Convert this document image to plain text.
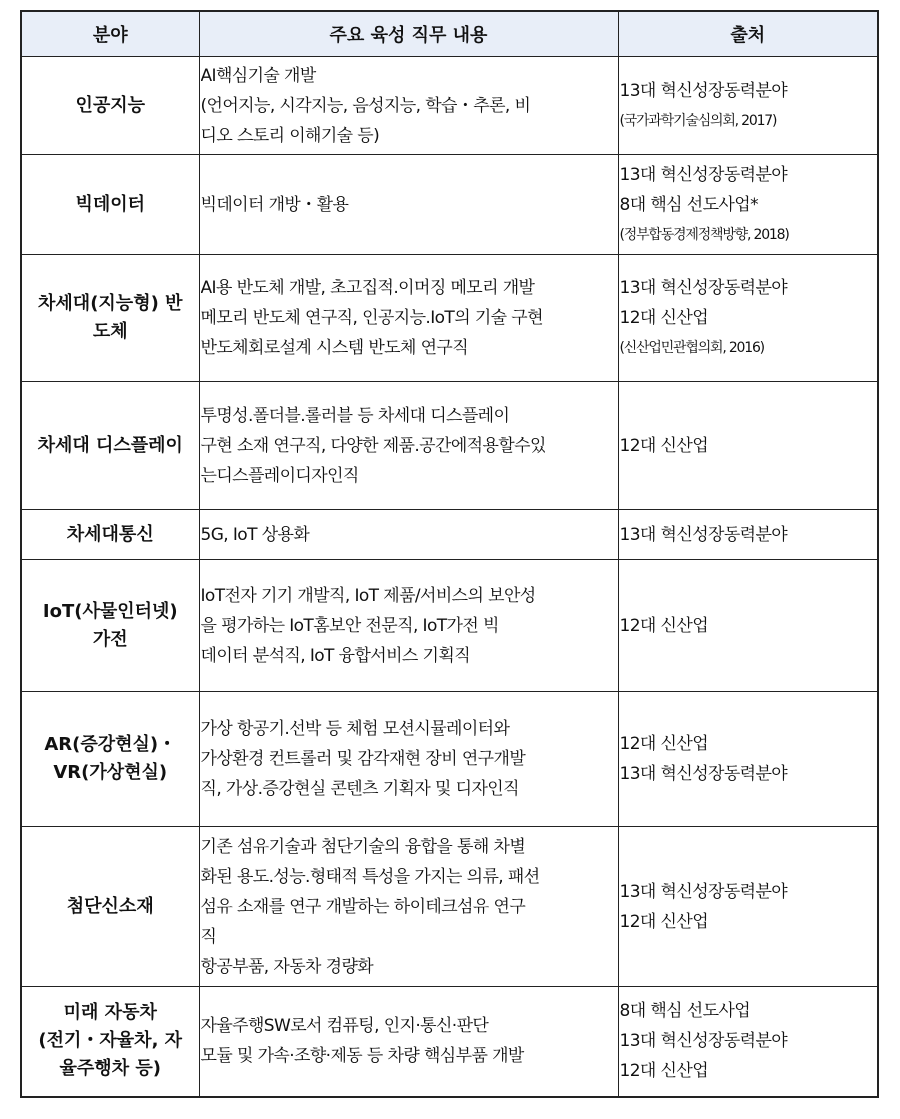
분야	주요 육성 직무 내용	출처

인공지능	AI핵심기술 개발
(언어지능, 시각지능, 음성지능, 학습・추론, 비
디오 스토리 이해기술 등)	13대 혁신성장동력분야
(국가과학기술심의회, 2017)

빅데이터	빅데이터 개방・활용	13대 혁신성장동력분야
8대 핵심 선도사업*
(정부합동경제정책방향, 2018)

차세대(지능형) 반
도체	AI용 반도체 개발, 초고집적.이머징 메모리 개발
메모리 반도체 연구직, 인공지능.IoT의 기술 구현
반도체회로설계 시스템 반도체 연구직	13대 혁신성장동력분야
12대 신산업
(신산업민관협의회, 2016)

차세대 디스플레이	투명성.폴더블.롤러블 등 차세대 디스플레이
구현 소재 연구직, 다양한 제품.공간에적용할수있
는디스플레이디자인직	12대 신산업

차세대통신	5G, IoT 상용화	13대 혁신성장동력분야

IoT(사물인터넷)
가전	IoT전자 기기 개발직, IoT 제품/서비스의 보안성
을 평가하는 IoT홈보안 전문직, IoT가전 빅
데이터 분석직, IoT 융합서비스 기획직	12대 신산업

AR(증강현실)・
VR(가상현실)	가상 항공기.선박 등 체험 모션시뮬레이터와
가상환경 컨트롤러 및 감각재현 장비 연구개발
직, 가상.증강현실 콘텐츠 기획자 및 디자인직	12대 신산업
13대 혁신성장동력분야

첨단신소재	기존 섬유기술과 첨단기술의 융합을 통해 차별
화된 용도.성능.형태적 특성을 가지는 의류, 패션
섬유 소재를 연구 개발하는 하이테크섬유 연구
직
항공부품, 자동차 경량화	13대 혁신성장동력분야
12대 신산업

미래 자동차
(전기・자율차, 자
율주행차 등)	자율주행SW로서 컴퓨팅, 인지·통신·판단
모듈 및 가속·조향·제동 등 차량 핵심부품 개발	8대 핵심 선도사업
13대 혁신성장동력분야
12대 신산업
